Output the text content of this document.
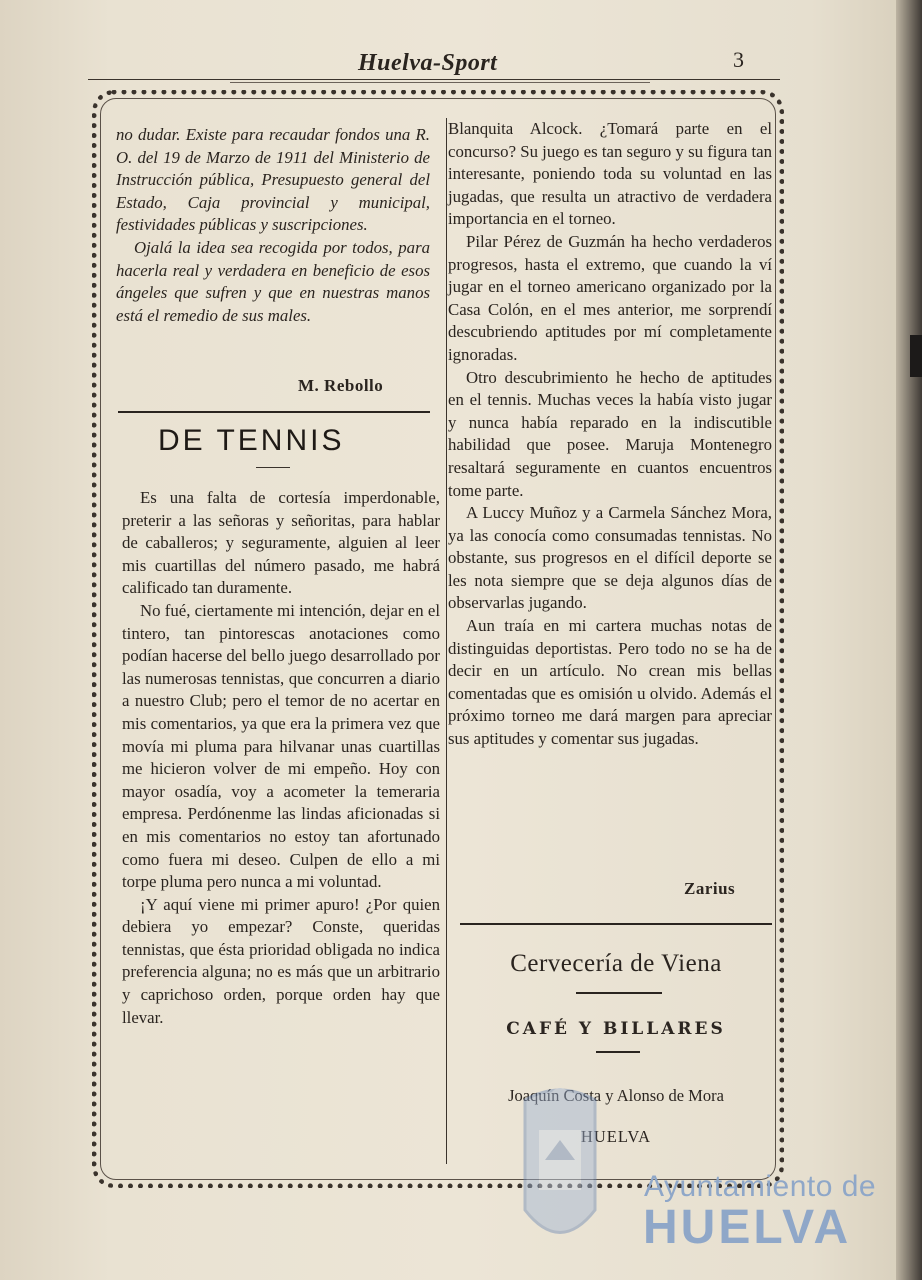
Huelva-Sport	3

no dudar. Existe para recaudar fondos una R. O. del 19 de Marzo de 1911 del Ministerio de Instrucción pública, Presupuesto general del Estado, Caja provincial y municipal, festividades públicas y suscripciones.

Ojalá la idea sea recogida por todos, para hacerla real y verdadera en beneficio de esos ángeles que sufren y que en nuestras manos está el remedio de sus males.

M. Rebollo
DE TENNIS

Es una falta de cortesía imperdonable, preterir a las señoras y señoritas, para hablar de caballeros; y seguramente, alguien al leer mis cuartillas del número pasado, me habrá calificado tan duramente.

No fué, ciertamente mi intención, dejar en el tintero, tan pintorescas anotaciones como podían hacerse del bello juego desarrollado por las numerosas tennistas, que concurren a diario a nuestro Club; pero el temor de no acertar en mis comentarios, ya que era la primera vez que movía mi pluma para hilvanar unas cuartillas me hicieron volver de mi empeño. Hoy con mayor osadía, voy a acometer la temeraria empresa. Perdónenme las lindas aficionadas si en mis comentarios no estoy tan afortunado como fuera mi deseo. Culpen de ello a mi torpe pluma pero nunca a mi voluntad.

¡Y aquí viene mi primer apuro! ¿Por quien debiera yo empezar? Conste, queridas tennistas, que ésta prioridad obligada no indica preferencia alguna; no es más que un arbitrario y caprichoso orden, porque orden hay que llevar.

Blanquita Alcock. ¿Tomará parte en el concurso? Su juego es tan seguro y su figura tan interesante, poniendo toda su voluntad en las jugadas, que resulta un atractivo de verdadera importancia en el torneo.

Pilar Pérez de Guzmán ha hecho verdaderos progresos, hasta el extremo, que cuando la ví jugar en el torneo americano organizado por la Casa Colón, en el mes anterior, me sorprendí descubriendo aptitudes por mí completamente ignoradas.

Otro descubrimiento he hecho de aptitudes en el tennis. Muchas veces la había visto jugar y nunca había reparado en la indiscutible habilidad que posee. Maruja Montenegro resaltará seguramente en cuantos encuentros tome parte.

A Luccy Muñoz y a Carmela Sánchez Mora, ya las conocía como consumadas tennistas. No obstante, sus progresos en el difícil deporte se les nota siempre que se deja algunos días de observarlas jugando.

Aun traía en mi cartera muchas notas de distinguidas deportistas. Pero todo no se ha de decir en un artículo. No crean mis bellas comentadas que es omisión u olvido. Además el próximo torneo me dará margen para apreciar sus aptitudes y comentar sus jugadas.

Zarius
Cervecería de Viena
CAFÉ Y BILLARES
Joaquín Costa y Alonso de Mora
HUELVA
Ayuntamiento de
HUELVA
